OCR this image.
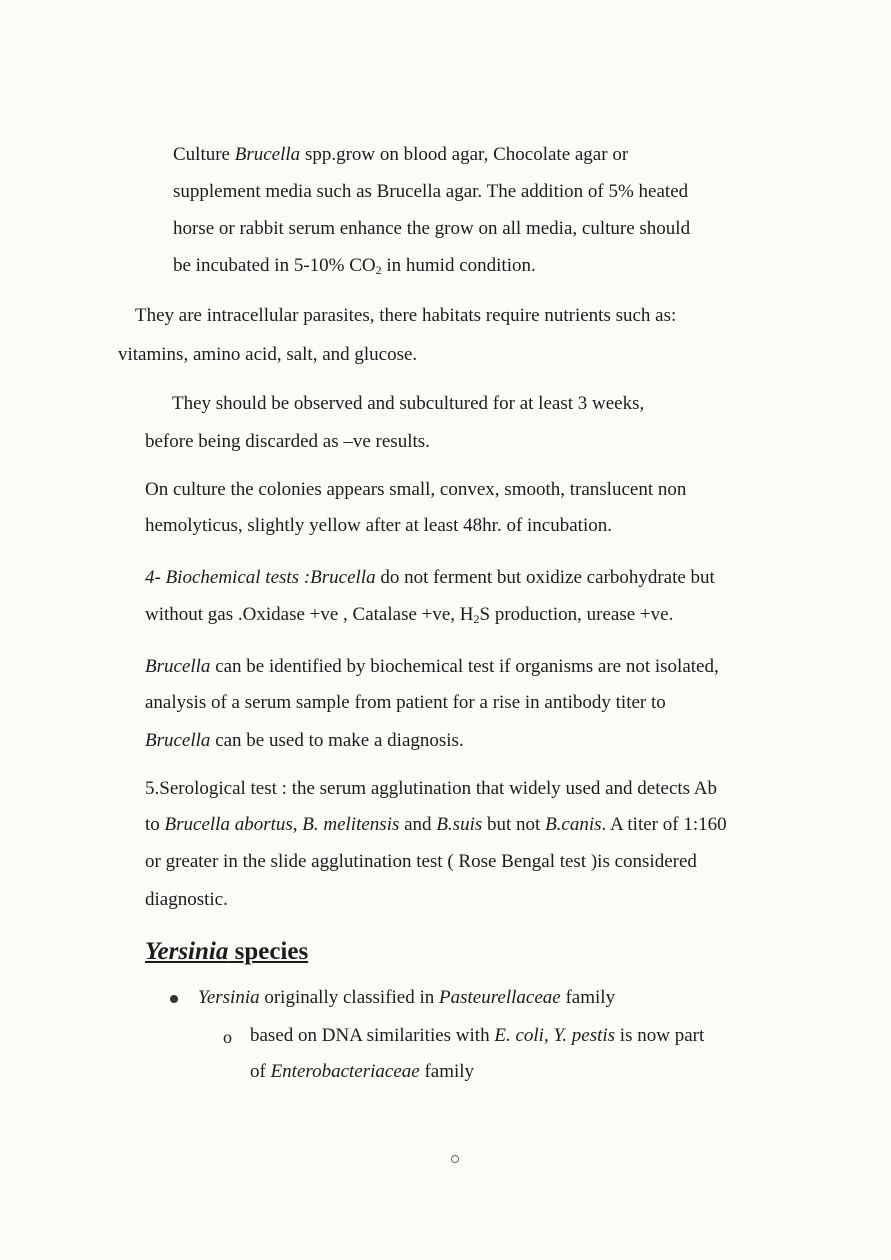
Culture Brucella spp.grow on blood agar, Chocolate agar or
supplement media such as Brucella agar. The addition of 5% heated
horse or rabbit serum enhance the grow on all media, culture should
be incubated in 5-10% $CO_2$ in humid condition.
They are intracellular parasites, there habitats require nutrients such as:
vitamins, amino acid, salt, and glucose.
They should be observed and subcultured for at least 3 weeks,
before being discarded as –ve results.
On culture the colonies appears small, convex, smooth, translucent non
hemolyticus, slightly yellow after at least 48hr. of incubation.
4- Biochemical tests :Brucella do not ferment but oxidize carbohydrate but
without gas .Oxidase +ve , Catalase +ve, $H_2S$ production, urease +ve.
Brucella can be identified by biochemical test if organisms are not isolated,
analysis of a serum sample from patient for a rise in antibody titer to
Brucella can be used to make a diagnosis.
5.Serological test : the serum agglutination that widely used and detects Ab
to Brucella abortus, B. melitensis and B.suis but not B.canis. A titer of 1:160
or greater in the slide agglutination test ( Rose Bengal test )is considered
diagnostic.
Yersinia species
Yersinia originally classified in Pasteurellaceae family
o based on DNA similarities with E. coli, Y. pestis is now part
of Enterobacteriaceae family
